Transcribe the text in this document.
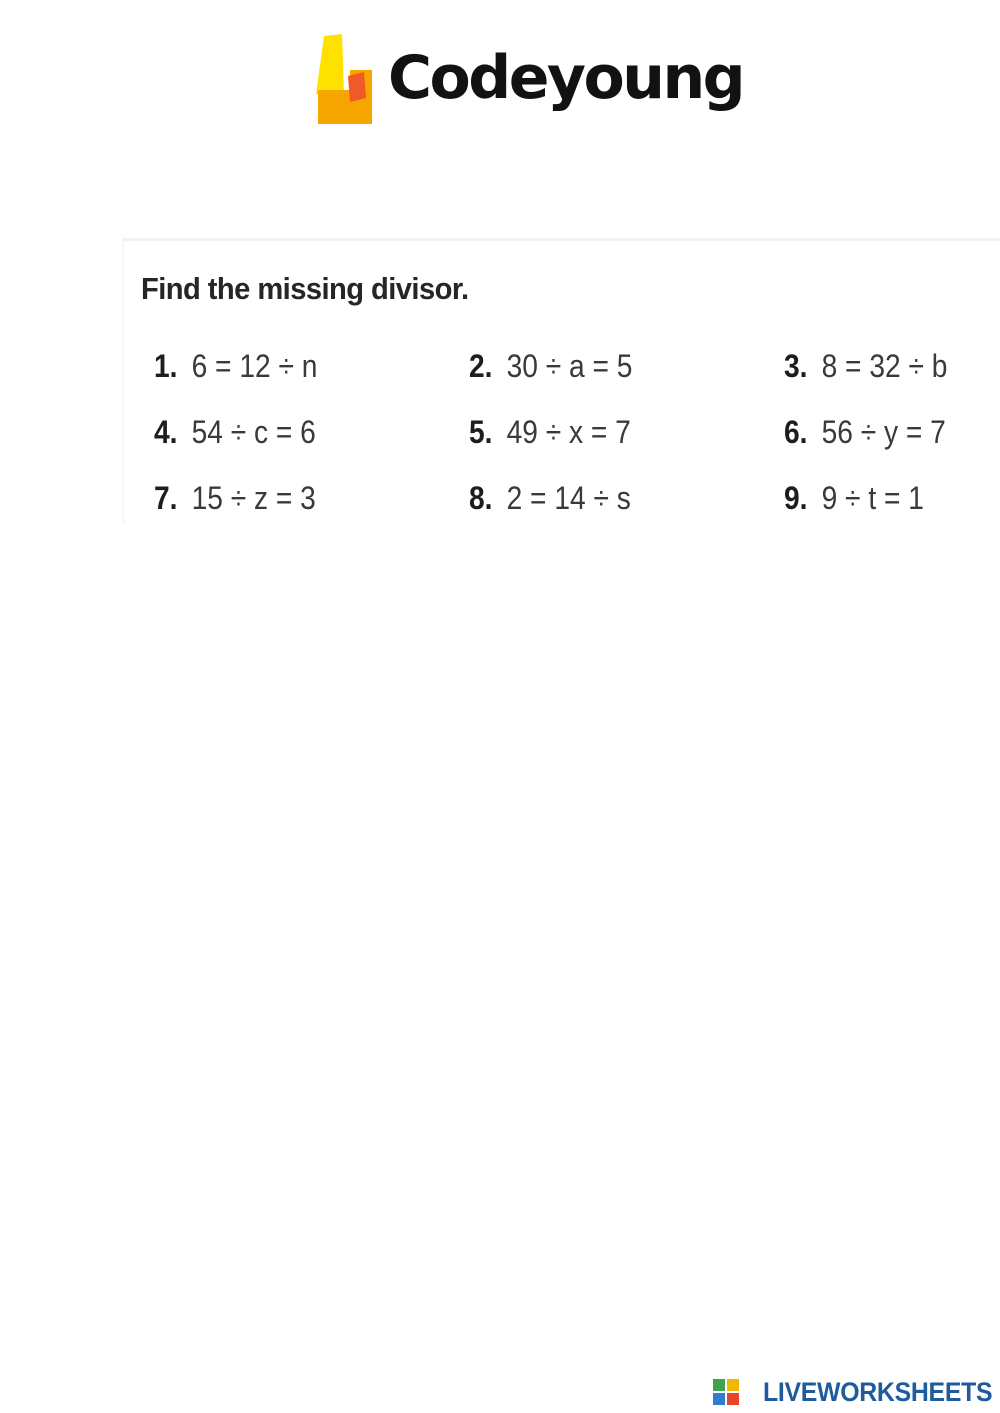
Codeyoung
Find the missing divisor.
1. 6 = 12 ÷ n	2. 30 ÷ a = 5	3. 8 = 32 ÷ b
4. 54 ÷ c = 6	5. 49 ÷ x = 7	6. 56 ÷ y = 7
7. 15 ÷ z = 3	8. 2 = 14 ÷ s	9. 9 ÷ t = 1
LIVEWORKSHEETS
